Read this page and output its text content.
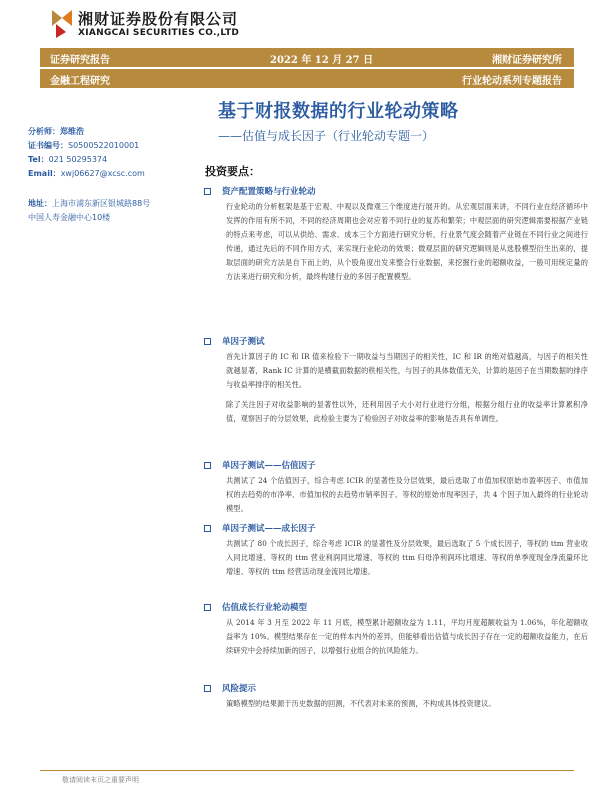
湘财证券股份有限公司
XIANGCAI SECURITIES CO.,LTD
证券研究报告	2022 年 12 月 27 日	湘财证券研究所
金融工程研究	行业轮动系列专题报告
基于财报数据的行业轮动策略
——估值与成长因子（行业轮动专题一）
分析师：郑维浩
证书编号：S0500522010001
Tel：021 50295374
Email：xwj06627@xcsc.com
地址：上海市浦东新区银城路88号
中国人寿金融中心10楼
投资要点：
资产配置策略与行业轮动
行业轮动的分析框架是基于宏观、中观以及微观三个维度进行展开的。从宏观层面来讲，不同行业在经济循环中发挥的作用有所不同，不同的经济周期也会对应着不同行业的复苏和繁荣；中观层面的研究逻辑需要根据产业链的特点来考虑，可以从供给、需求、成本三个方面进行研究分析，行业景气度会随着产业链在不同行业之间进行传递，通过先后的不同作用方式，来实现行业轮动的效果；微观层面的研究逻辑则是从选股模型衍生出来的，提取层面的研究方法是自下而上的，从个股角度出发来整合行业数据，来挖掘行业的超额收益，一般可用统定量的方法来进行研究和分析，最终构建行业的多因子配置模型。
单因子测试
首先计算因子的 IC 和 IR 值来检验下一期收益与当期因子的相关性，IC 和 IR 的绝对值越高，与因子的相关性就越显著，Rank IC 计算的是横截面数据的秩相关性，与因子的具体数值无关，计算的是因子在当期数据的排序与收益率排序的相关性。
除了关注因子对收益影响的显著性以外，还利用因子大小对行业进行分组，根据分组行业的收益率计算累积净值，观察因子的分层效果，此检验主要为了检验因子对收益率的影响是否具有单调性。
单因子测试——估值因子
共测试了 24 个估值因子，综合考虑 ICIR 的显著性及分层效果，最后选取了市值加权原始市盈率因子、市值加权的去趋势的市净率、市值加权的去趋势市销率因子、等权的原始市现率因子，共 4 个因子加入最终的行业轮动模型。
单因子测试——成长因子
共测试了 80 个成长因子，综合考虑 ICIR 的显著性及分层效果，最后选取了 5 个成长因子，等权的 ttm 营业收入同比增速、等权的 ttm 营业利润同比增速、等权的 ttm 归母净利润环比增速、等权的单季度现金净流量环比增速、等权的 ttm 经营活动现金流同比增速。
估值成长行业轮动模型
从 2014 年 3 月至 2022 年 11 月底，模型累计超额收益为 1.11，平均月度超额收益为 1.06%，年化超额收益率为 10%。模型结果存在一定的样本内外的差异，但能够看出估值与成长因子存在一定的超额收益能力，在后续研究中会持续加新的因子，以增强行业组合的抗风险能力。
风险提示
策略模型的结果源于历史数据的回测，不代表对未来的预测，不构成具体投资建议。
敬请阅读末页之重要声明
